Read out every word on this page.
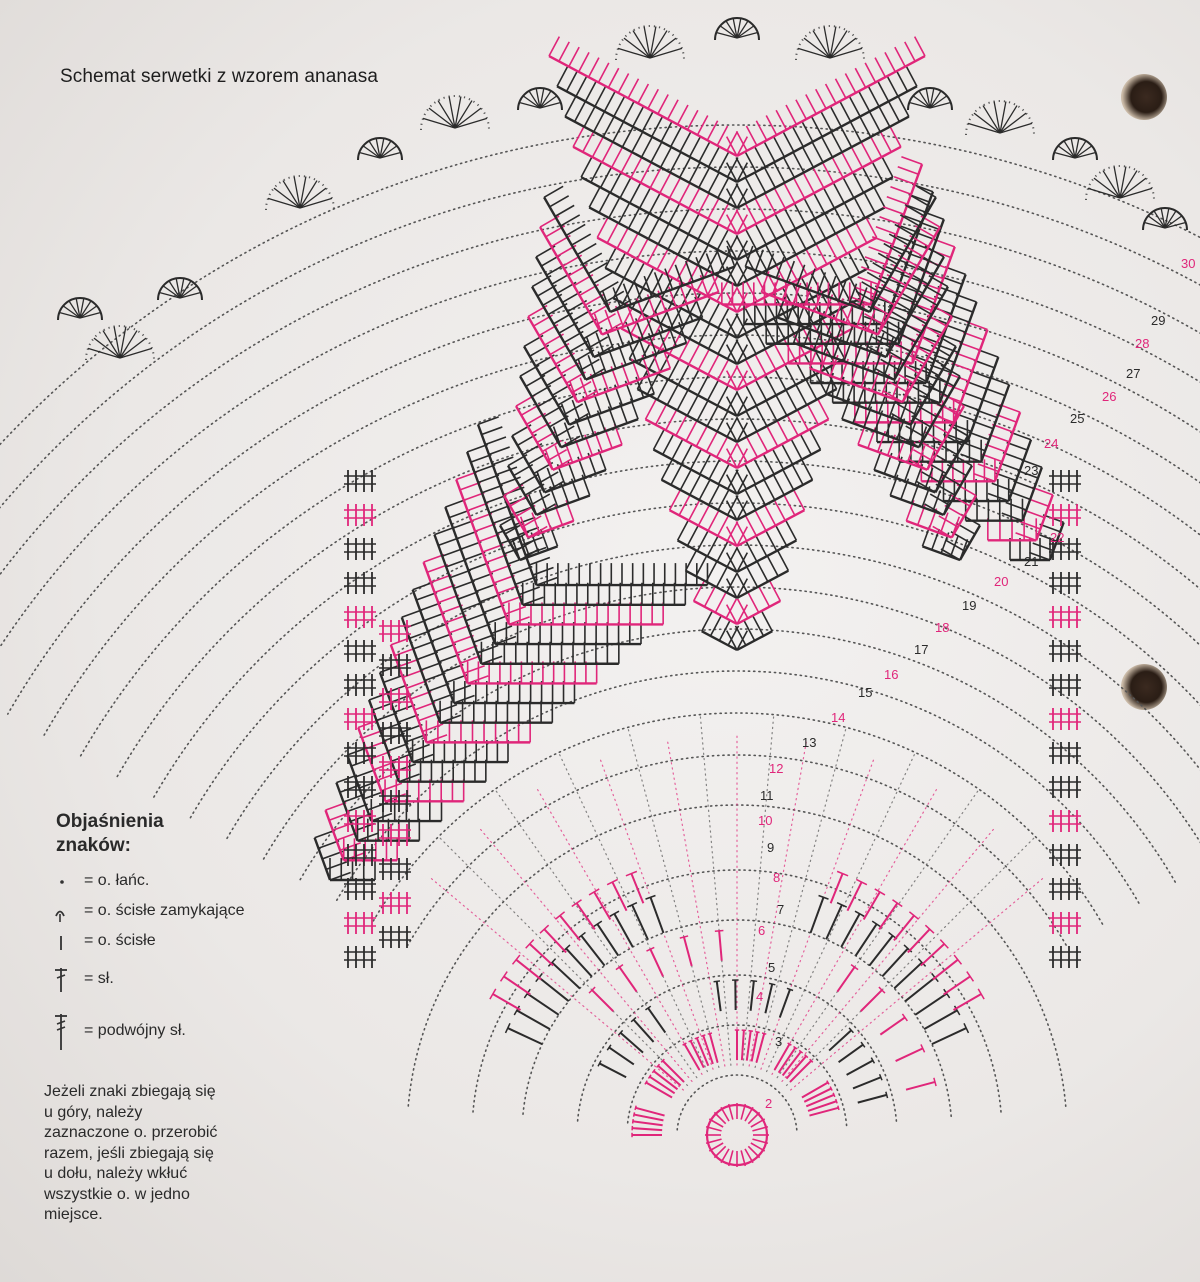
Schemat serwetki z wzorem ananasa
2
3
4
5
6
7
8
9
10
11
12
13
14
15
16
17
18
19
20
21
22
23
24
25
26
27
28
29
30
Objaśnienia znaków:
= o. łańc.
= o. ścisłe zamykające
= o. ścisłe
= sł.
= podwójny sł.
Jeżeli znaki zbiegają się
u góry, należy
zaznaczone o. przerobić
razem, jeśli zbiegają się
u dołu, należy wkłuć
wszystkie o. w jedno
miejsce.
